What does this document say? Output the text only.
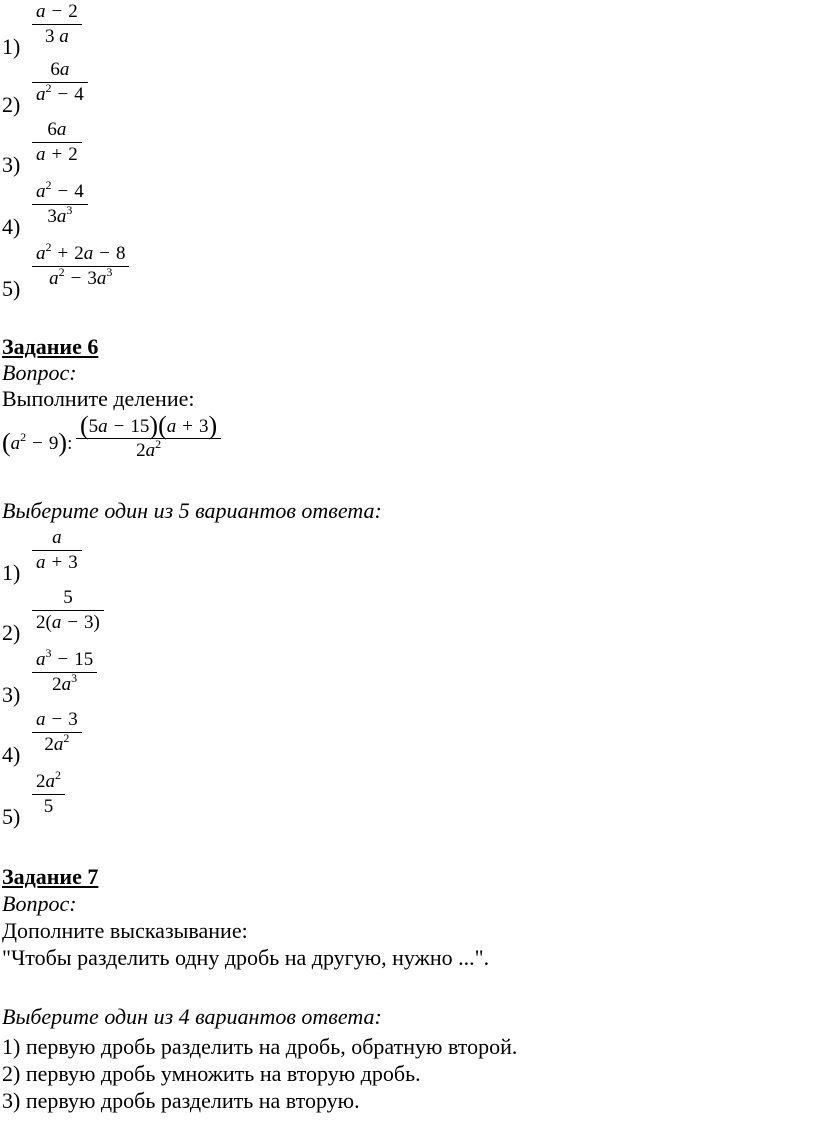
$\frac{a - 2}{3 a}$
1)
$\frac{6a}{a^2 - 4}$
2)
$\frac{6a}{a + 2}$
3)
$\frac{a^2 - 4}{3a^3}$
4)
$\frac{a^2 + 2a - 8}{a^2 - 3a^3}$
5)
Задание 6
Вопрос:
Выполните деление:
$(a^2 - 9)$: $\frac{(5a - 15)(a + 3)}{2a^2}$
Выберите один из 5 вариантов ответа:
$\frac{a}{a + 3}$
1)
$\frac{5}{2(a - 3)}$
2)
$\frac{a^3 - 15}{2a^3}$
3)
$\frac{a - 3}{2a^2}$
4)
$\frac{2a^2}{5}$
5)
Задание 7
Вопрос:
Дополните высказывание:
"Чтобы разделить одну дробь на другую, нужно ...".
Выберите один из 4 вариантов ответа:
1) первую дробь разделить на дробь, обратную второй.
2) первую дробь умножить на вторую дробь.
3) первую дробь разделить на вторую.
